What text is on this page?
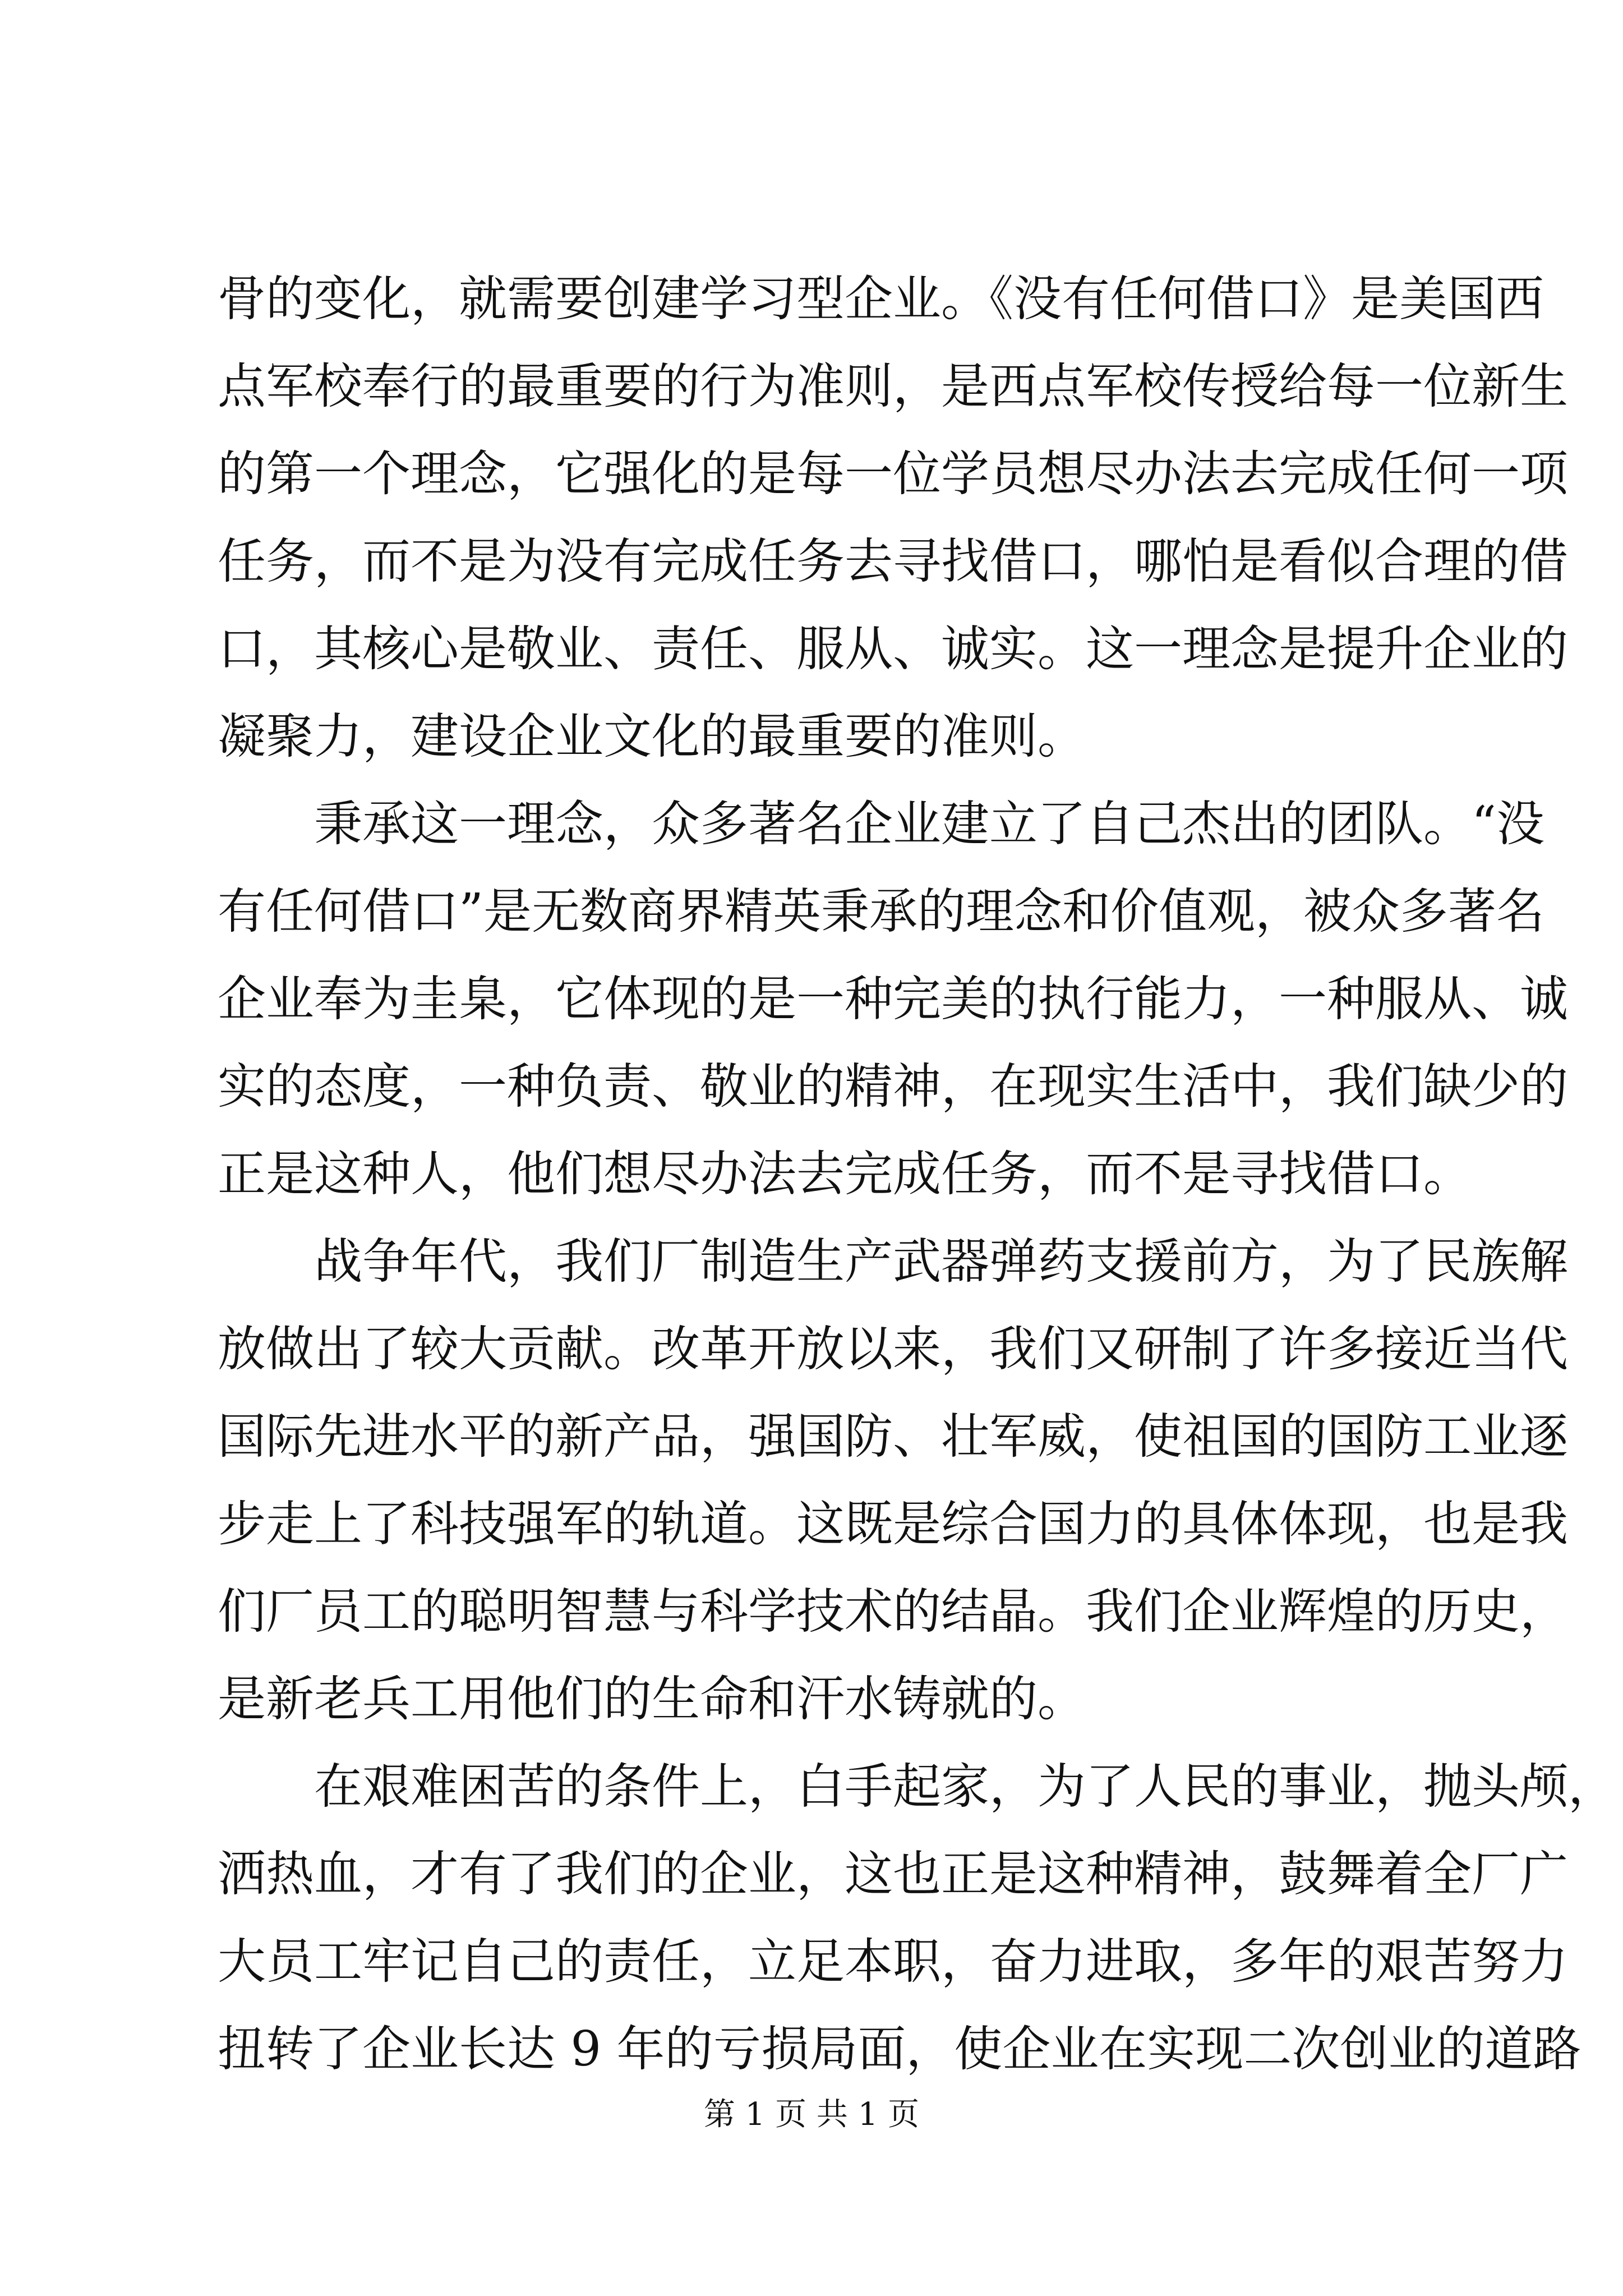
骨的变化，就需要创建学习型企业。《没有任何借口》是美国西
点军校奉行的最重要的行为准则，是西点军校传授给每一位新生
的第一个理念，它强化的是每一位学员想尽办法去完成任何一项
任务，而不是为没有完成任务去寻找借口，哪怕是看似合理的借
口，其核心是敬业、责任、服从、诚实。这一理念是提升企业的
凝聚力，建设企业文化的最重要的准则。
秉承这一理念，众多著名企业建立了自己杰出的团队。“没
有任何借口”是无数商界精英秉承的理念和价值观，被众多著名
企业奉为圭臬，它体现的是一种完美的执行能力，一种服从、诚
实的态度，一种负责、敬业的精神，在现实生活中，我们缺少的
正是这种人，他们想尽办法去完成任务，而不是寻找借口。
战争年代，我们厂制造生产武器弹药支援前方，为了民族解
放做出了较大贡献。改革开放以来，我们又研制了许多接近当代
国际先进水平的新产品，强国防、壮军威，使祖国的国防工业逐
步走上了科技强军的轨道。这既是综合国力的具体体现，也是我
们厂员工的聪明智慧与科学技术的结晶。我们企业辉煌的历史，
是新老兵工用他们的生命和汗水铸就的。
在艰难困苦的条件上，白手起家，为了人民的事业，抛头颅，
洒热血，才有了我们的企业，这也正是这种精神，鼓舞着全厂广
大员工牢记自己的责任，立足本职，奋力进取，多年的艰苦努力
扭转了企业长达 9 年的亏损局面，使企业在实现二次创业的道路
第 1 页 共 1 页
